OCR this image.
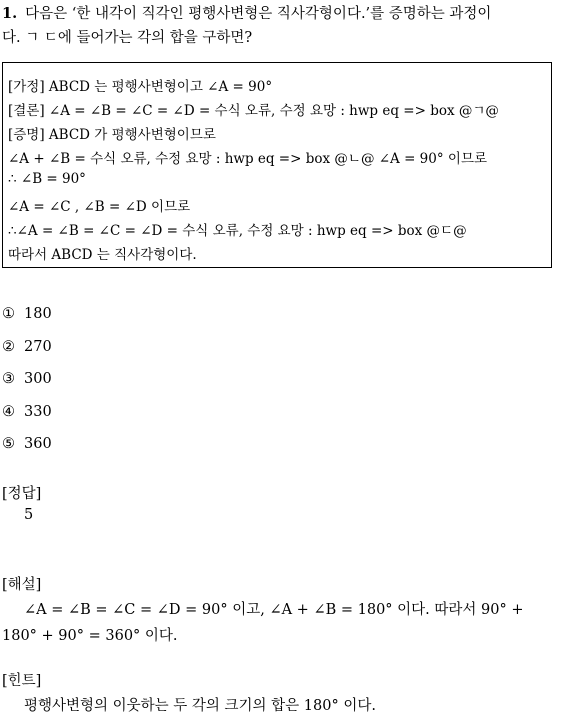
1. 다음은 ‘한 내각이 직각인 평행사변형은 직사각형이다.’를 증명하는 과정이
다. ㄱ ㄷ에 들어가는 각의 합을 구하면?
[가정] ABCD 는 평행사변형이고 ∠A = 90°
[결론] ∠A = ∠B = ∠C = ∠D = 수식 오류, 수정 요망 : hwp eq => box @ㄱ@
[증명] ABCD 가 평행사변형이므로
∠A + ∠B = 수식 오류, 수정 요망 : hwp eq => box @ㄴ@ ∠A = 90° 이므로
∴ ∠B = 90°
∠A = ∠C , ∠B = ∠D 이므로
∴∠A = ∠B = ∠C = ∠D = 수식 오류, 수정 요망 : hwp eq => box @ㄷ@
따라서 ABCD 는 직사각형이다.
① 180
② 270
③ 300
④ 330
⑤ 360
[정답]
5
[해설]
∠A = ∠B = ∠C = ∠D = 90° 이고, ∠A + ∠B = 180° 이다. 따라서 90° +
180° + 90° = 360° 이다.
[힌트]
평행사변형의 이웃하는 두 각의 크기의 합은 180° 이다.
